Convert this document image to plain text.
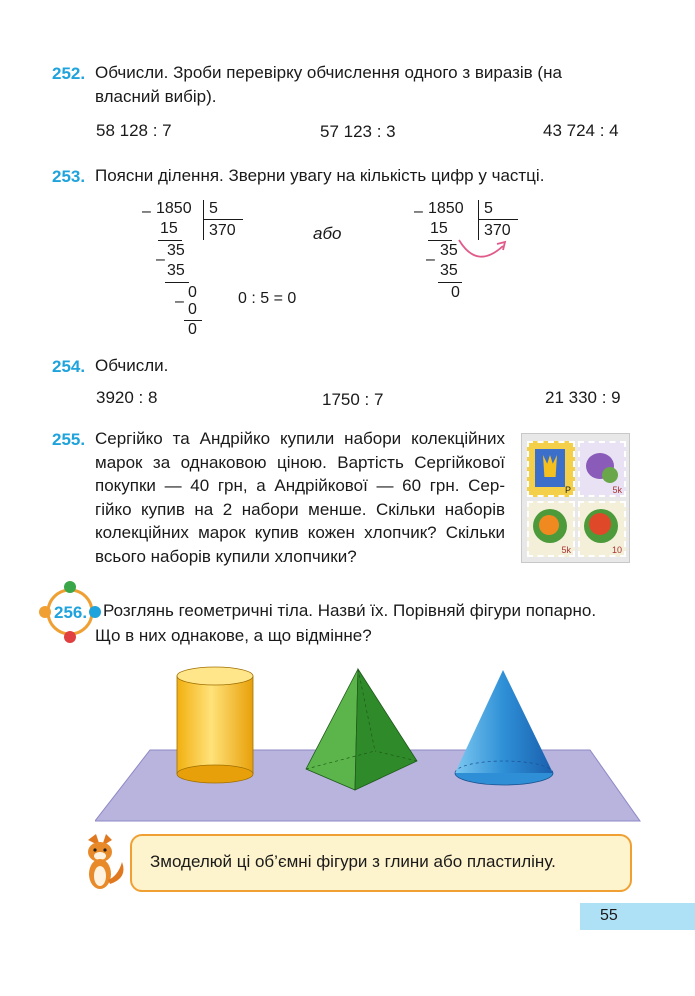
252. Обчисли. Зроби перевірку обчислення одного з виразів (на
власний вибір).
58 128 : 7	57 123 : 3	43 724 : 4
253. Поясни ділення. Зверни увагу на кількість цифр у частці.
– 1850 5
370
15
–
35
35
0
– 0
0
0 : 5 = 0
або
– 1850 5
370
15
–
35
35
0
254. Обчисли.
3920 : 8	1750 : 7	21 330 : 9
255. Сергійко та Андрійко купили набори колекційних
марок за однаковою ціною. Вартість Сергійкової
покупки — 40 грн, а Андрійкової — 60 грн. Сер-
гійко купив на 2 набори менше. Скільки наборів
колекційних марок купив кожен хлопчик? Скільки
всього наборів купили хлопчики?
P	5k
5k	10
256. Розглянь геометричні тіла. Назви́ їх. Порівняй фігури попарно.
Що в них однакове, а що відмінне?
Змоделюй ці об’ємні фігури з глини або пластиліну.
55
